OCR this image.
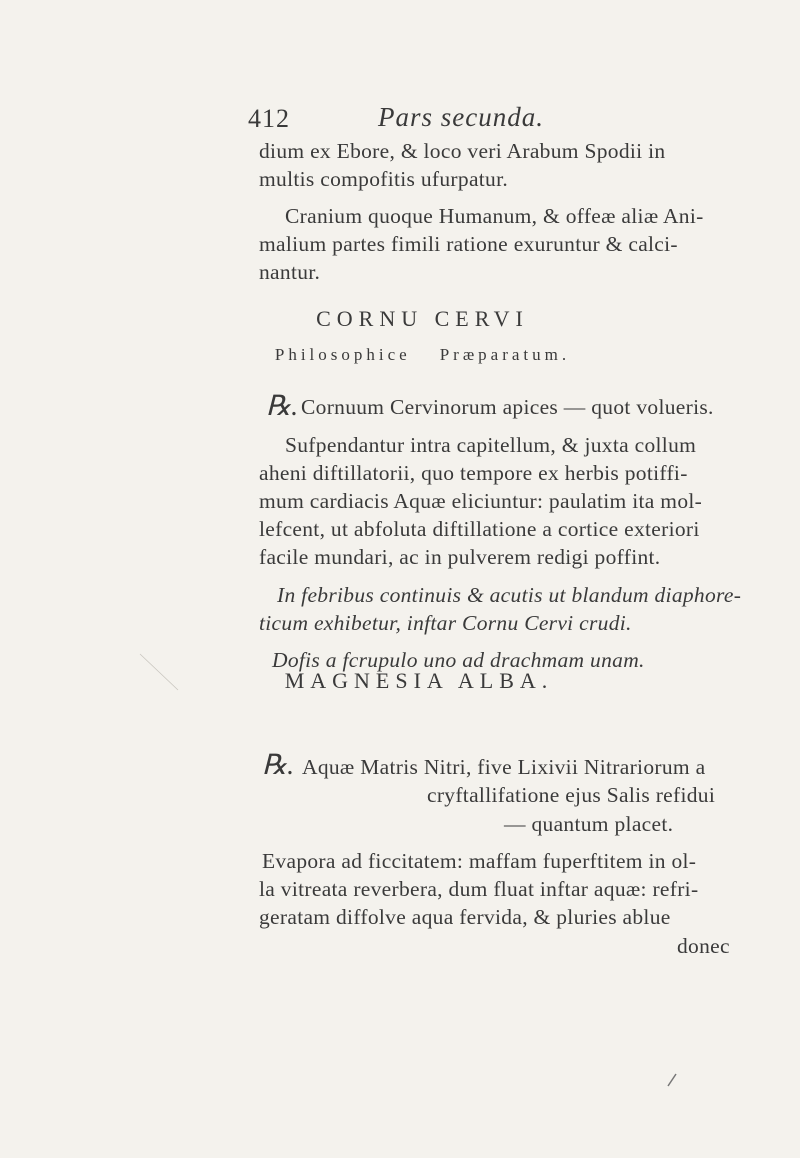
412	Pars secunda.
dium ex Ebore, & loco veri Arabum Spodii in
multis compofitis ufurpatur.
Cranium quoque Humanum, & offeæ aliæ Ani-
malium partes fimili ratione exuruntur & calci-
nantur.
CORNU CERVI
Philosophice Præparatum.
℞. Cornuum Cervinorum apices — quot volueris.
Sufpendantur intra capitellum, & juxta collum
aheni diftillatorii, quo tempore ex herbis potiffi-
mum cardiacis Aquæ eliciuntur: paulatim ita mol-
lefcent, ut abfoluta diftillatione a cortice exteriori
facile mundari, ac in pulverem redigi poffint.
In febribus continuis & acutis ut blandum diaphore-
ticum exhibetur, inftar Cornu Cervi crudi.
Dofis a fcrupulo uno ad drachmam unam.
MAGNESIA ALBA.
℞. Aquæ Matris Nitri, five Lixivii Nitrariorum a
cryftallifatione ejus Salis refidui
— quantum placet.
Evapora ad ficcitatem: maffam fuperftitem in ol-
la vitreata reverbera, dum fluat inftar aquæ: refri-
geratam diffolve aqua fervida, & pluries ablue
donec
